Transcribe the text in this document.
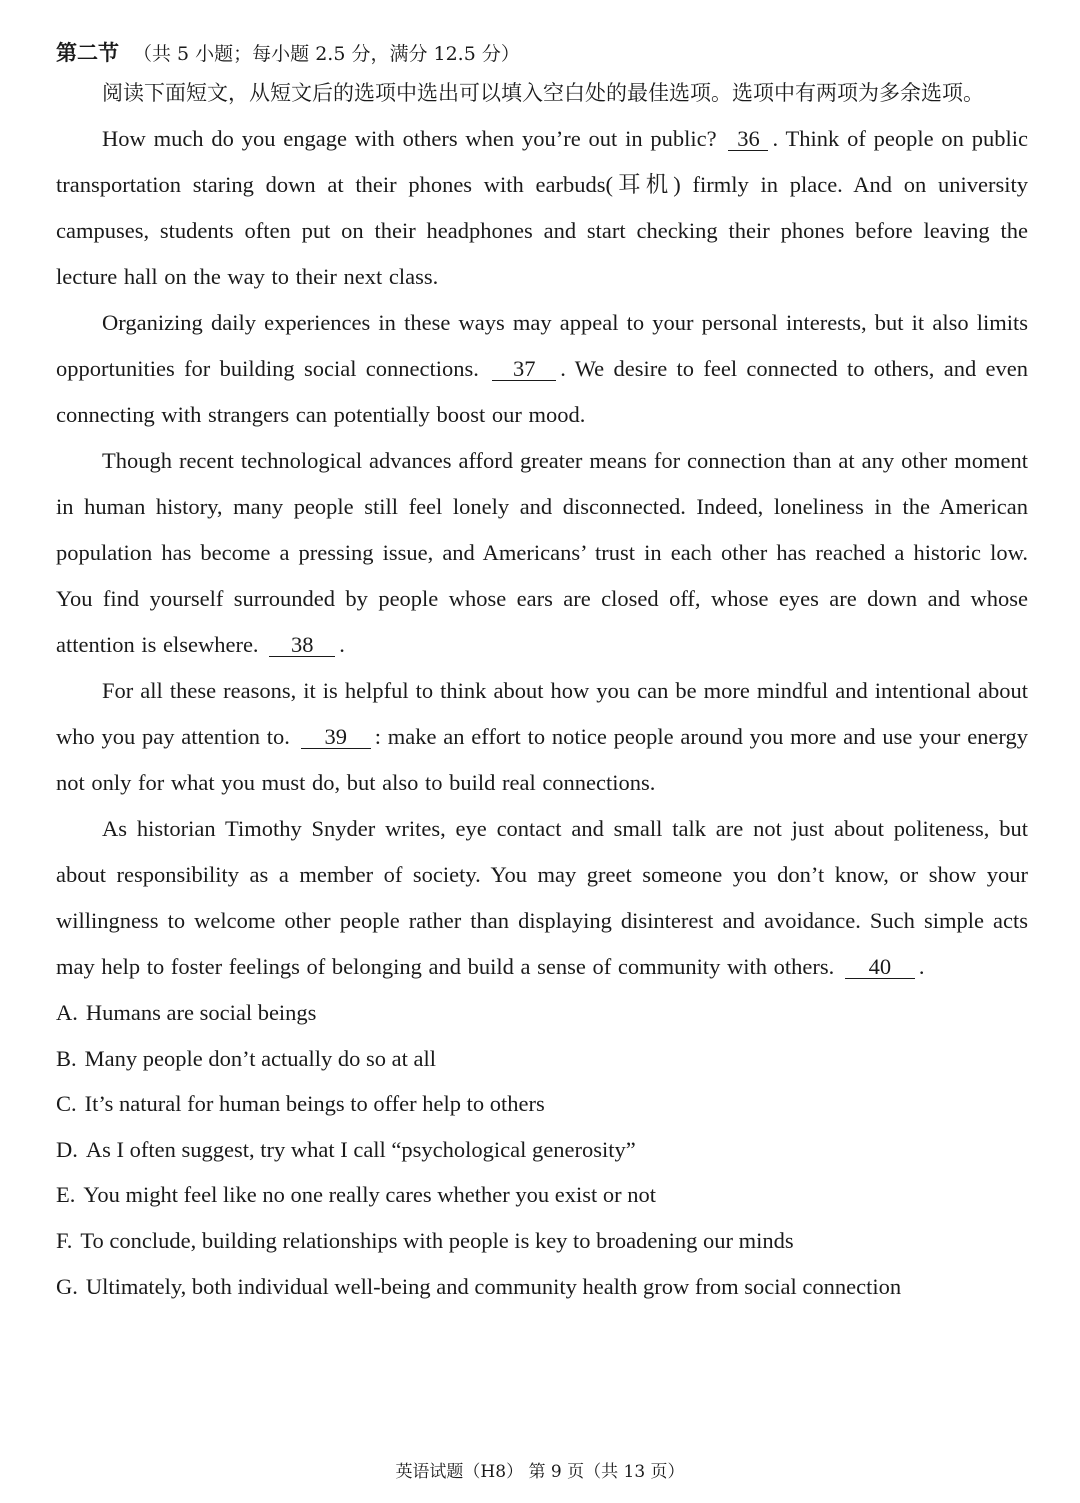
第二节 （共 5 小题；每小题 2.5 分，满分 12.5 分）

阅读下面短文，从短文后的选项中选出可以填入空白处的最佳选项。选项中有两项为多余选项。

How much do you engage with others when you’re out in public? 36 . Think of people on public transportation staring down at their phones with earbuds(耳机) firmly in place. And on university campuses, students often put on their headphones and start checking their phones before leaving the lecture hall on the way to their next class.

Organizing daily experiences in these ways may appeal to your personal interests, but it also limits opportunities for building social connections. 37 . We desire to feel connected to others, and even connecting with strangers can potentially boost our mood.

Though recent technological advances afford greater means for connection than at any other moment in human history, many people still feel lonely and disconnected. Indeed, loneliness in the American population has become a pressing issue, and Americans’ trust in each other has reached a historic low. You find yourself surrounded by people whose ears are closed off, whose eyes are down and whose attention is elsewhere. 38 .

For all these reasons, it is helpful to think about how you can be more mindful and intentional about who you pay attention to. 39 : make an effort to notice people around you more and use your energy not only for what you must do, but also to build real connections.

As historian Timothy Snyder writes, eye contact and small talk are not just about politeness, but about responsibility as a member of society. You may greet someone you don’t know, or show your willingness to welcome other people rather than displaying disinterest and avoidance. Such simple acts may help to foster feelings of belonging and build a sense of community with others. 40 .

A. Humans are social beings
B. Many people don’t actually do so at all
C. It’s natural for human beings to offer help to others
D. As I often suggest, try what I call “psychological generosity”
E. You might feel like no one really cares whether you exist or not
F. To conclude, building relationships with people is key to broadening our minds
G. Ultimately, both individual well-being and community health grow from social connection
英语试题（H8） 第 9 页（共 13 页）
